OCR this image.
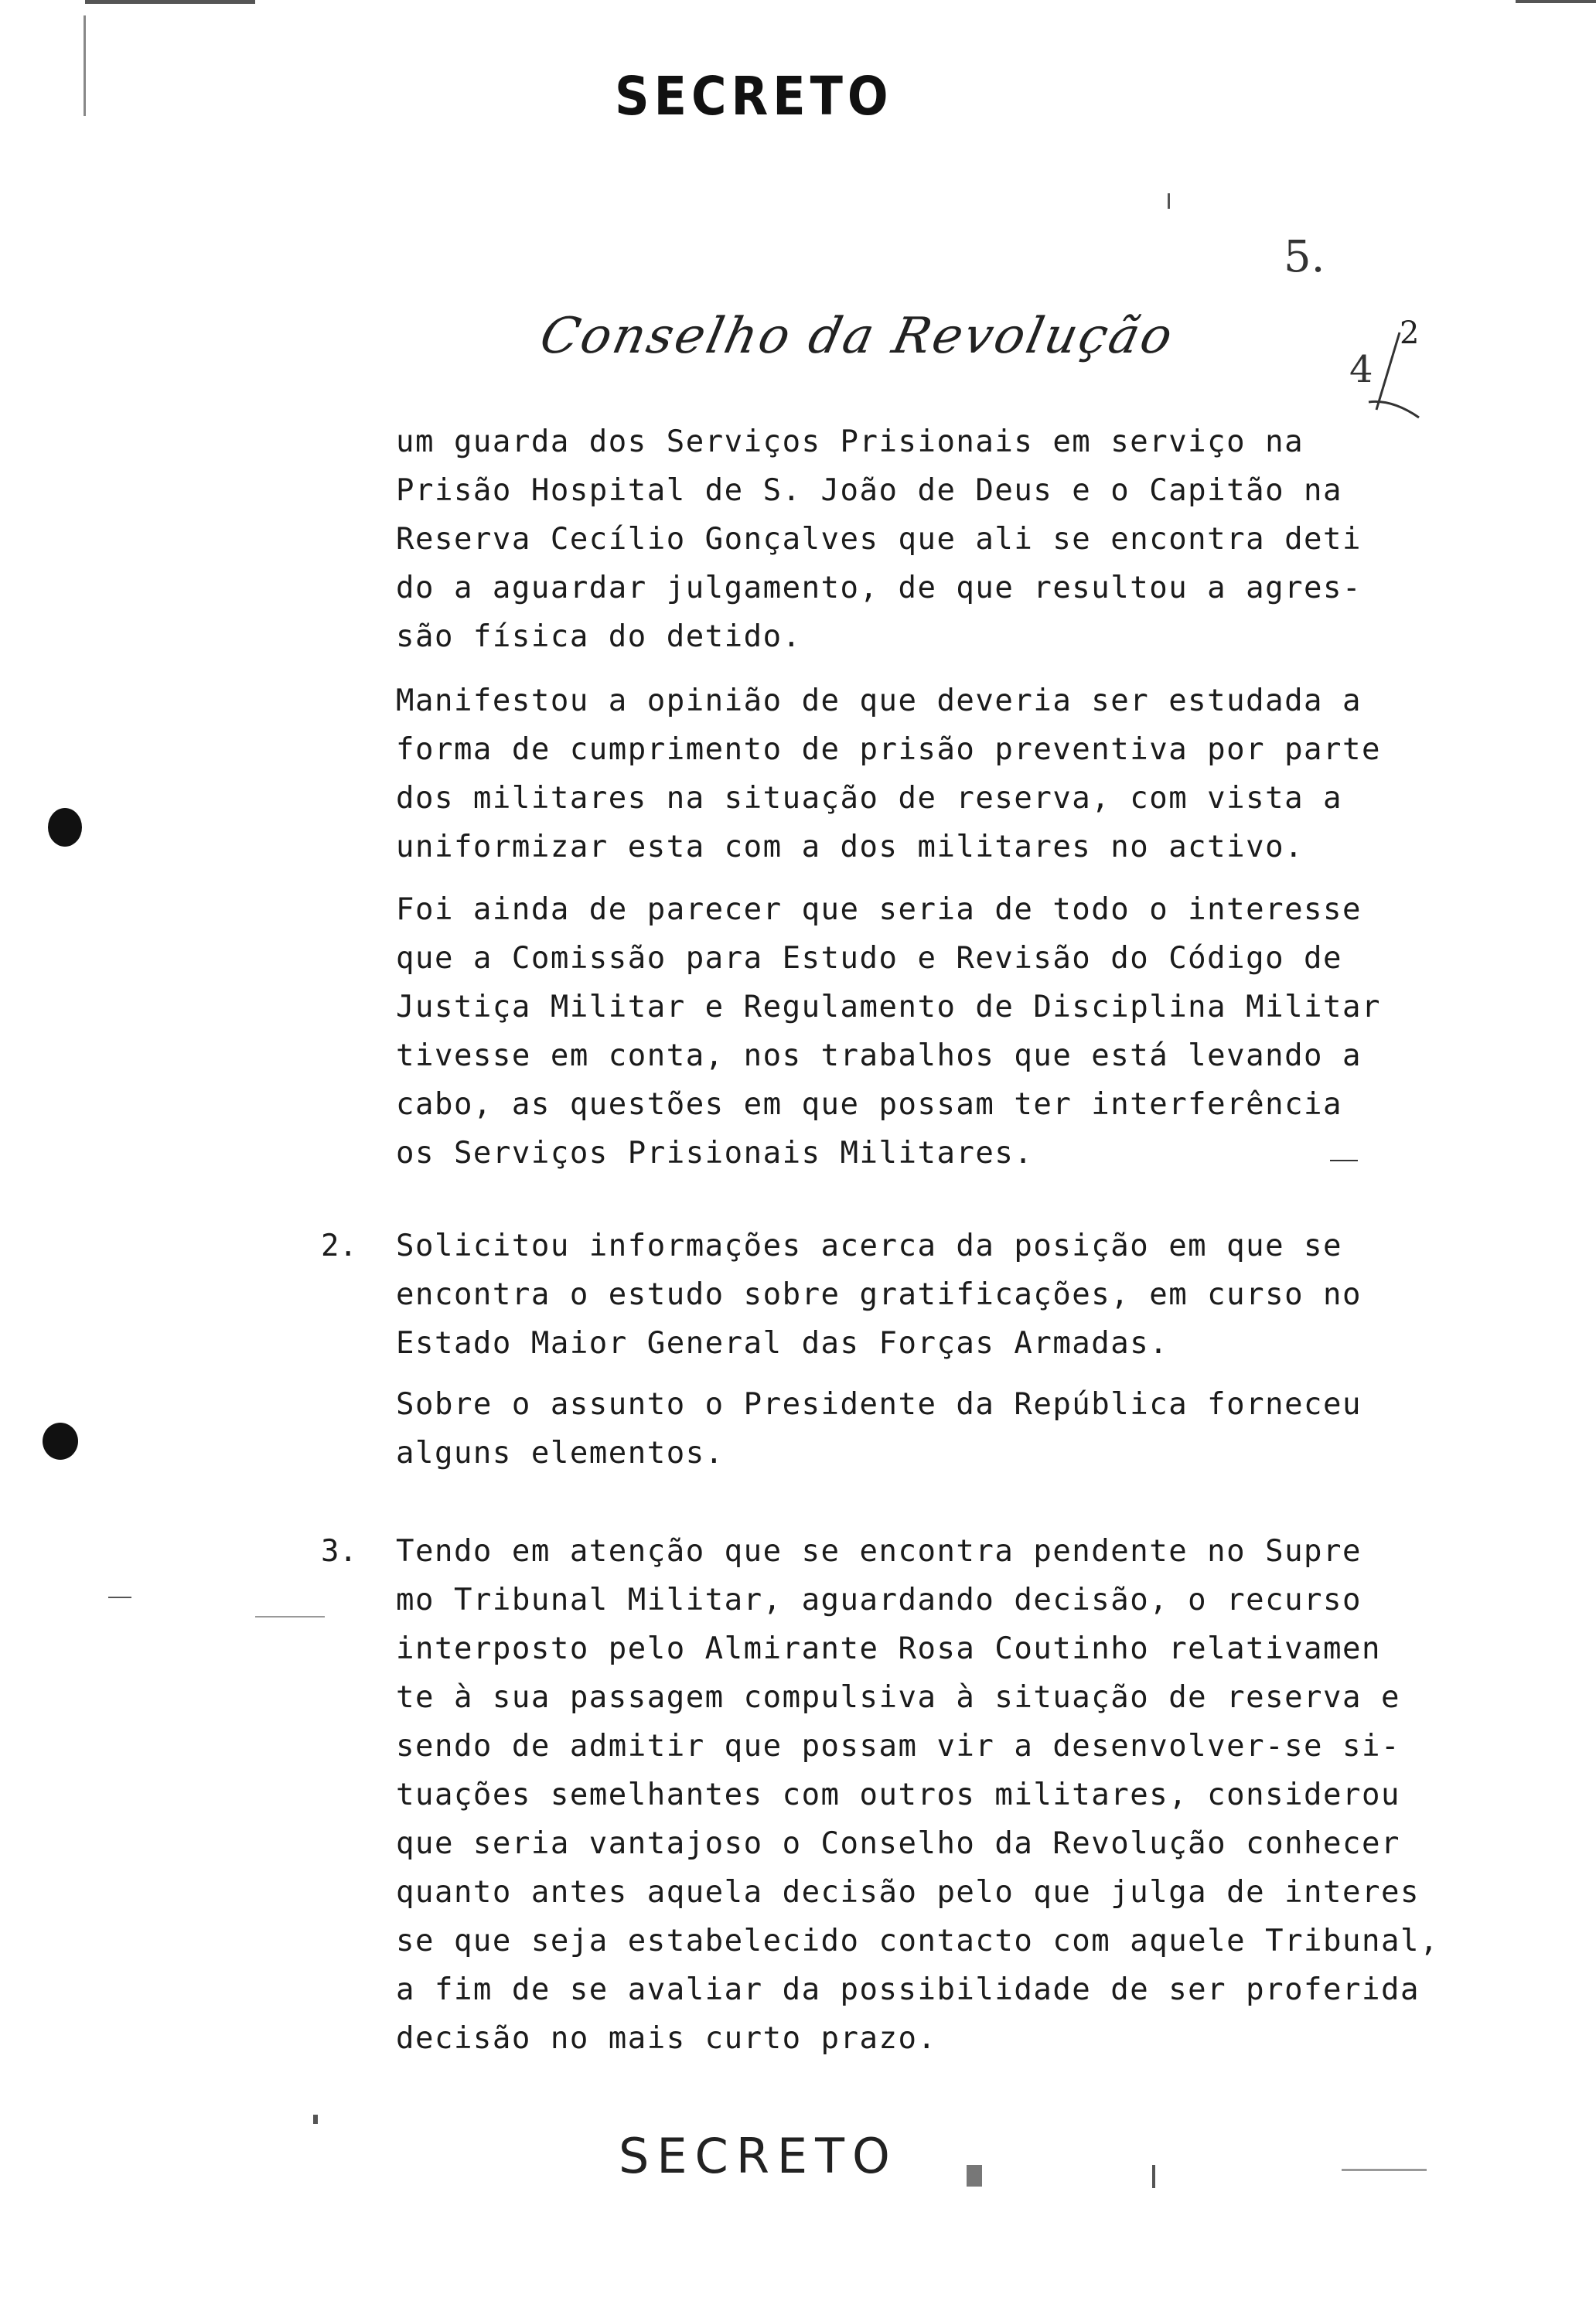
SECRETO
5.
2
4
Conselho da Revolução
um guarda dos Serviços Prisionais em serviço na
Prisão Hospital de S. João de Deus e o Capitão na
Reserva Cecílio Gonçalves que ali se encontra deti
do a aguardar julgamento, de que resultou a agres-
são física do detido.
Manifestou a opinião de que deveria ser estudada a
forma de cumprimento de prisão preventiva por parte
dos militares na situação de reserva, com vista a
uniformizar esta com a dos militares no activo.
Foi ainda de parecer que seria de todo o interesse
que a Comissão para Estudo e Revisão do Código de
Justiça Militar e Regulamento de Disciplina Militar
tivesse em conta, nos trabalhos que está levando a
cabo, as questões em que possam ter interferência
os Serviços Prisionais Militares.
2. Solicitou informações acerca da posição em que se
encontra o estudo sobre gratificações, em curso no
Estado Maior General das Forças Armadas.
Sobre o assunto o Presidente da República forneceu
alguns elementos.
3. Tendo em atenção que se encontra pendente no Supre
mo Tribunal Militar, aguardando decisão, o recurso
interposto pelo Almirante Rosa Coutinho relativamen
te à sua passagem compulsiva à situação de reserva e
sendo de admitir que possam vir a desenvolver-se si-
tuações semelhantes com outros militares, considerou
que seria vantajoso o Conselho da Revolução conhecer
quanto antes aquela decisão pelo que julga de interes
se que seja estabelecido contacto com aquele Tribunal,
a fim de se avaliar da possibilidade de ser proferida
decisão no mais curto prazo.
SECRETO
